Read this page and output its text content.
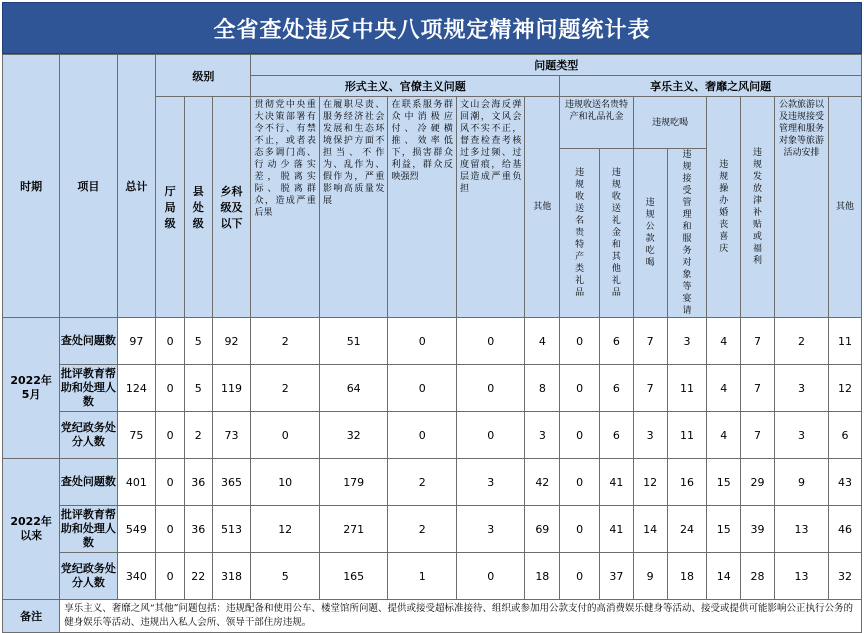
全省查处违反中央八项规定精神问题统计表
时期	项目	总计	级别			问题类型												
						形式主义、官僚主义问题					享乐主义、奢靡之风问题							
			厅局级	县处级	乡科级及以下	贯彻党中央重大决策部署有令不行、有禁不止，或者表态多调门高、行动少落实差，脱离实际、脱离群众，造成严重后果	在履职尽责、服务经济社会发展和生态环境保护方面不担当、不作为、乱作为、假作为，严重影响高质量发展	在联系服务群众中消极应付、冷硬横推、效率低下，损害群众利益，群众反映强烈	文山会海反弹回潮，文风会风不实不正，督查检查考核过多过频、过度留痕，给基层造成严重负担	其他	违规收送名贵特产和礼品礼金		违规吃喝		违规操办婚丧喜庆	违规发放津补贴或福利	公款旅游以及违规接受管理和服务对象等旅游活动安排	其他
											违规收送名贵特产类礼品	违规收送礼金和其他礼品	违规公款吃喝	违规接受管理和服务对象等宴请				
2022年
5月	查处问题数	97	0	5	92	2	51	0	0	4	0	6	7	3	4	7	2	11
	批评教育帮助和处理人数	124	0	5	119	2	64	0	0	8	0	6	7	11	4	7	3	12
	党纪政务处分人数	75	0	2	73	0	32	0	0	3	0	6	3	11	4	7	3	6
2022年
以来	查处问题数	401	0	36	365	10	179	2	3	42	0	41	12	16	15	29	9	43
	批评教育帮助和处理人数	549	0	36	513	12	271	2	3	69	0	41	14	24	15	39	13	46
	党纪政务处分人数	340	0	22	318	5	165	1	0	18	0	37	9	18	14	28	13	32
备注	享乐主义、奢靡之风“其他”问题包括：违规配备和使用公车、楼堂馆所问题、提供或接受超标准接待、组织或参加用公款支付的高消费娱乐健身等活动、接受或提供可能影响公正执行公务的健身娱乐等活动、违规出入私人会所、领导干部住房违规。																	
